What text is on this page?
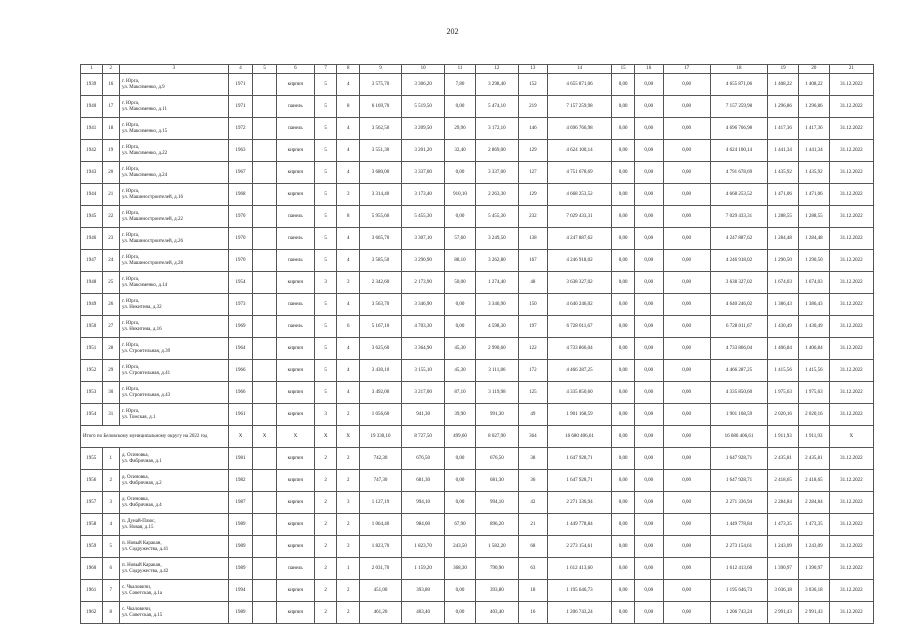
202
1	2	3	4	5	6	7	8	9	10	11	12	13	14	15	16	17	18	19	20	21
1939	16	г. Юрга,
ул. Максименко, д.9	1971		кирпич	5	4	3 575,70	3 306,20	7,80	3 298,40	152	4 655 871,06	0,00	0,00	0,00	4 655 871,06	1 408,22	1 408,22	31.12.2022
1940	17	г. Юрга,
ул. Максименко, д.11	1971		панель	5	8	6 169,70	5 519,50	0,00	5 474,10	219	7 157 259,98	0,00	0,00	0,00	7 157 259,98	1 296,86	1 296,86	31.12.2022
1941	18	г. Юрга,
ул. Максименко, д.15	1972		панель	5	4	3 562,50	3 209,50	29,96	3 172,10	146	4 696 766,98	0,00	0,00	0,00	4 696 766,98	1 417,36	1 417,36	31.12.2022
1942	19	г. Юрга,
ул. Максименко, д.22	1963		кирпич	5	4	3 551,30	3 201,20	32,40	2 869,00	129	4 624 100,14	0,00	0,00	0,00	4 624 100,14	1 441,34	1 441,34	31.12.2022
1943	20	г. Юрга,
ул. Максименко, д.24	1967		кирпич	5	4	3 680,00	3 337,00	0,00	3 337,00	127	4 751 678,69	0,00	0,00	0,00	4 791 678,69	1 435,92	1 435,92	31.12.2022
1944	21	г. Юрга,
ул. Машиностроителей, д.16	1968		кирпич	5	3	3 314,40	3 173,40	910,10	2 263,30	129	4 668 253,52	0,00	0,00	0,00	4 668 253,52	1 471,06	1 471,06	31.12.2022
1945	22	г. Юрга,
ул. Машиностроителей, д.22	1970		панель	5	8	5 955,60	5 455,30	0,00	5 455,30	232	7 029 433,31	0,00	0,00	0,00	7 029 433,31	1 288,55	1 288,55	31.12.2022
1946	23	г. Юрга,
ул. Машиностроителей, д.26	1970		панель	5	4	3 665,70	3 307,10	57,60	3 249,50	138	4 247 887,62	0,00	0,00	0,00	4 247 887,62	1 284,48	1 284,48	31.12.2022
1947	24	г. Юрга,
ул. Машиностроителей, д.28	1970		панель	5	4	3 585,50	3 290,90	88,10	3 262,80	167	4 246 918,02	0,00	0,00	0,00	4 246 918,02	1 290,50	1 290,50	31.12.2022
1948	25	г. Юрга,
ул. Максименко, д.14	1954		кирпич	3	3	2 342,60	2 173,90	50,00	1 274,40	48	3 638 327,02	0,00	0,00	0,00	3 638 327,02	1 674,03	1 674,03	31.12.2022
1949	26	г. Юрга,
ул. Никитина, д.32	1973		панель	5	4	3 563,70	3 346,90	0,00	3 346,90	150	4 640 246,02	0,00	0,00	0,00	4 640 246,02	1 386,43	1 386,43	31.12.2022
1950	27	г. Юрга,
ул. Никитина, д.16	1969		панель	5	6	5 167,10	4 703,30	0,00	4 598,30	197	6 728 011,67	0,00	0,00	0,00	6 728 011,67	1 430,49	1 430,49	31.12.2022
1951	28	г. Юрга,
ул. Строительная, д.39	1964		кирпич	5	4	3 625,60	3 364,90	45,30	2 990,60	122	4 733 866,04	0,00	0,00	0,00	4 733 866,04	1 406,84	1 406,84	31.12.2022
1952	29	г. Юрга,
ул. Строительная, д.41	1966		кирпич	5	4	3 430,10	3 155,10	45,30	3 111,86	172	4 466 287,25	0,00	0,00	0,00	4 466 287,25	1 415,56	1 415,56	31.12.2022
1953	30	г. Юрга,
ул. Строительная, д.43	1966		кирпич	5	4	3 492,00	3 217,00	87,10	3 119,98	125	4 335 850,60	0,00	0,00	0,00	4 335 850,60	1 975,63	1 975,63	31.12.2022
1954	31	г. Юрга,
ул. Томская, д.1	1961		кирпич	3	2	1 056,60	941,30	39,90	991,30	49	1 901 168,59	0,00	0,00	0,00	1 901 168,59	2 020,16	2 020,16	31.12.2022
Итого по Беловскому муниципальному округу на 2022 год			X	X	X	X	X	19 330,10	8 727,50	499,60	8 027,90	364	16 680 406,61	0,00	0,00	0,00	16 686 406,61	1 911,93	1 911,93	X
1955	1	д. Осиновка,
ул. Фабричная, д.1	1981		кирпич	2	2	742,30	676,50	0,00	676,50	38	1 647 928,71	0,00	0,00	0,00	1 647 928,71	2 435,81	2 435,81	31.12.2022
1956	2	д. Осиновка,
ул. Фабричная, д.2	1982		кирпич	2	2	747,30	681,30	0,00	681,30	36	1 647 928,71	0,00	0,00	0,00	1 647 928,71	2 418,65	2 418,65	31.12.2022
1957	3	д. Осиновка,
ул. Фабричная, д.4	1987		кирпич	2	3	1 127,19	994,10	0,00	994,10	42	2 271 336,94	0,00	0,00	0,00	2 271 336,94	2 284,84	2 284,84	31.12.2022
1958	4	п. Дунай-Плюс,
ул. Новая, д.15	1989		кирпич	2	2	1 064,40	984,00	67,90	896,20	21	1 449 778,84	0,00	0,00	0,00	1 449 778,84	1 473,35	1 473,35	31.12.2022
1959	5	п. Новый Каракан,
ул. Содружества, д.41	1989		кирпич	2	3	1 823,70	1 823,70	243,50	1 582,20	68	2 273 154,61	0,00	0,00	0,00	2 273 154,61	1 243,09	1 243,09	31.12.2022
1960	6	п. Новый Каракан,
ул. Содружества, д.42	1989		панель	2	1	2 031,70	1 159,20	368,30	790,90	63	1 612 413,60	0,00	0,00	0,00	1 612 413,60	1 390,97	1 390,97	31.12.2022
1961	7	с. Чкаловичи,
ул. Советская, д.1а	1994		кирпич	2	2	451,00	393,80	0,00	393,80	18	1 195 646,73	0,00	0,00	0,00	1 195 646,73	3 036,18	3 036,18	31.12.2022
1962	8	с. Чкаловичи,
ул. Советская, д.15	1989		кирпич	2	2	461,20	403,40	0,00	403,40	16	1 206 743,24	0,00	0,00	0,00	1 206 743,24	2 991,43	2 991,43	31.12.2022
